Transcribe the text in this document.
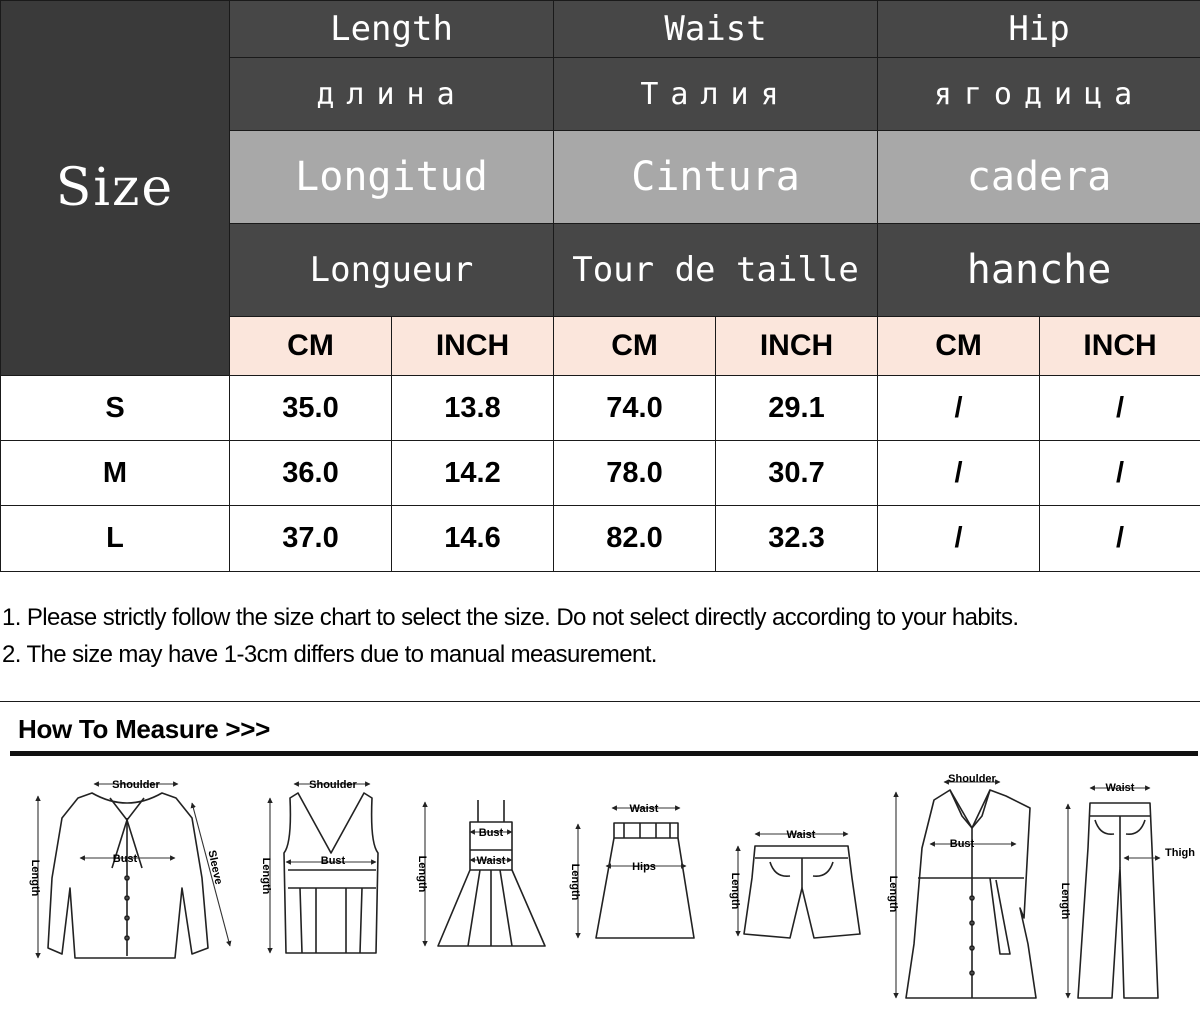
Size	Length		Waist		Hip	
	длина		Талия		ягодица	
	Longitud		Cintura		cadera	
	Longueur		Tour de taille		hanche	
	CM	INCH	CM	INCH	CM	INCH
S	35.0	13.8	74.0	29.1	/	/
M	36.0	14.2	78.0	30.7	/	/
L	37.0	14.6	82.0	32.3	/	/
1. Please strictly follow the size chart to select the size. Do not select directly according to your habits.
2. The size may have 1-3cm differs due to manual measurement.
How To Measure >>>
Shoulder
Bust
Length	Sleeve
Shoulder
Bust
Length
Bust
Waist
Length
Waist
Hips
Length
Waist
Length
Shoulder
Bust
Length
Waist
Thigh
Length
